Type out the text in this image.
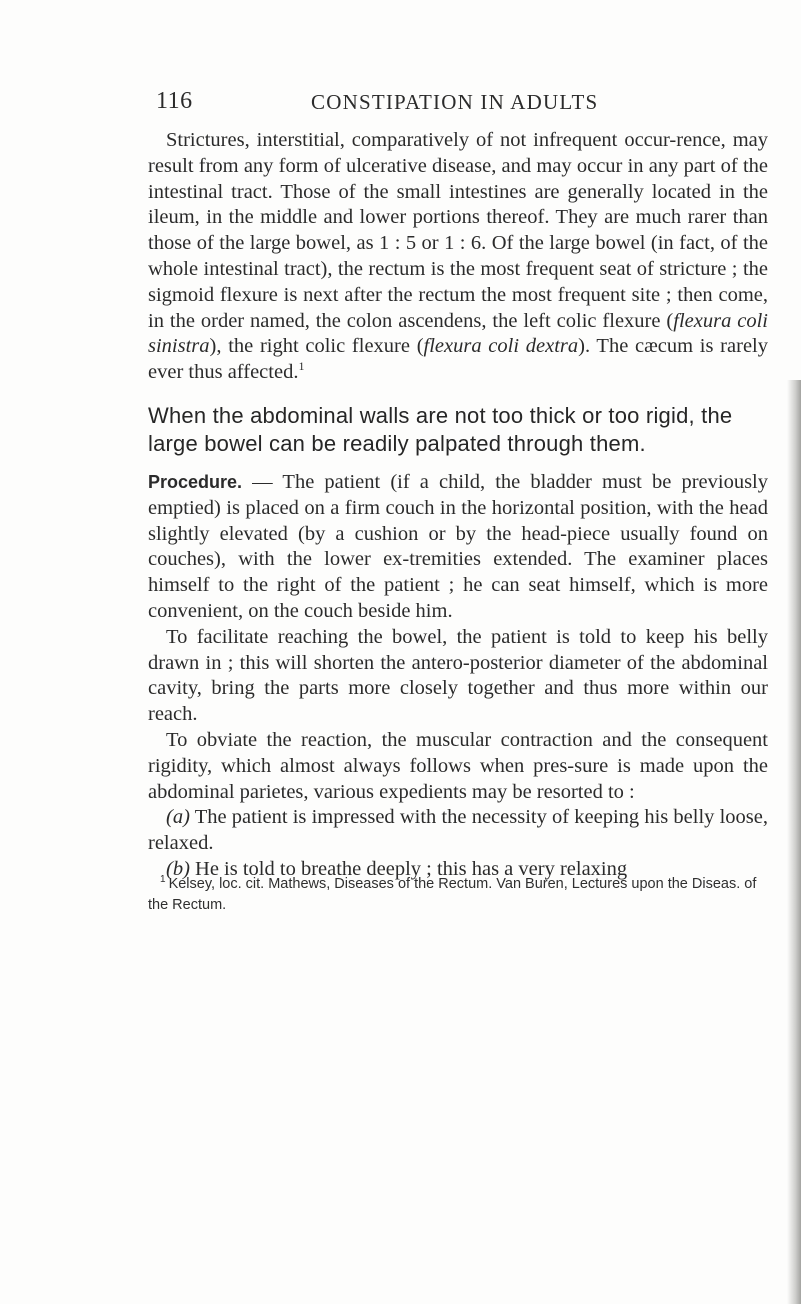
116	CONSTIPATION IN ADULTS

Strictures, interstitial, comparatively of not infrequent occur-rence, may result from any form of ulcerative disease, and may occur in any part of the intestinal tract. Those of the small intestines are generally located in the ileum, in the middle and lower portions thereof. They are much rarer than those of the large bowel, as 1 : 5 or 1 : 6. Of the large bowel (in fact, of the whole intestinal tract), the rectum is the most frequent seat of stricture ; the sigmoid flexure is next after the rectum the most frequent site ; then come, in the order named, the colon ascendens, the left colic flexure (flexura coli sinistra), the right colic flexure (flexura coli dextra). The cæcum is rarely ever thus affected.$^1$

When the abdominal walls are not too thick or too rigid, the large bowel can be readily palpated through them.

Procedure. — The patient (if a child, the bladder must be previously emptied) is placed on a firm couch in the horizontal position, with the head slightly elevated (by a cushion or by the head-piece usually found on couches), with the lower ex-tremities extended. The examiner places himself to the right of the patient ; he can seat himself, which is more convenient, on the couch beside him.

To facilitate reaching the bowel, the patient is told to keep his belly drawn in ; this will shorten the antero-posterior diameter of the abdominal cavity, bring the parts more closely together and thus more within our reach.

To obviate the reaction, the muscular contraction and the consequent rigidity, which almost always follows when pres-sure is made upon the abdominal parietes, various expedients may be resorted to :

(a) The patient is impressed with the necessity of keeping his belly loose, relaxed.

(b) He is told to breathe deeply ; this has a very relaxing

$^1$ Kelsey, loc. cit. Mathews, Diseases of the Rectum. Van Buren, Lectures upon the Diseas. of the Rectum.
